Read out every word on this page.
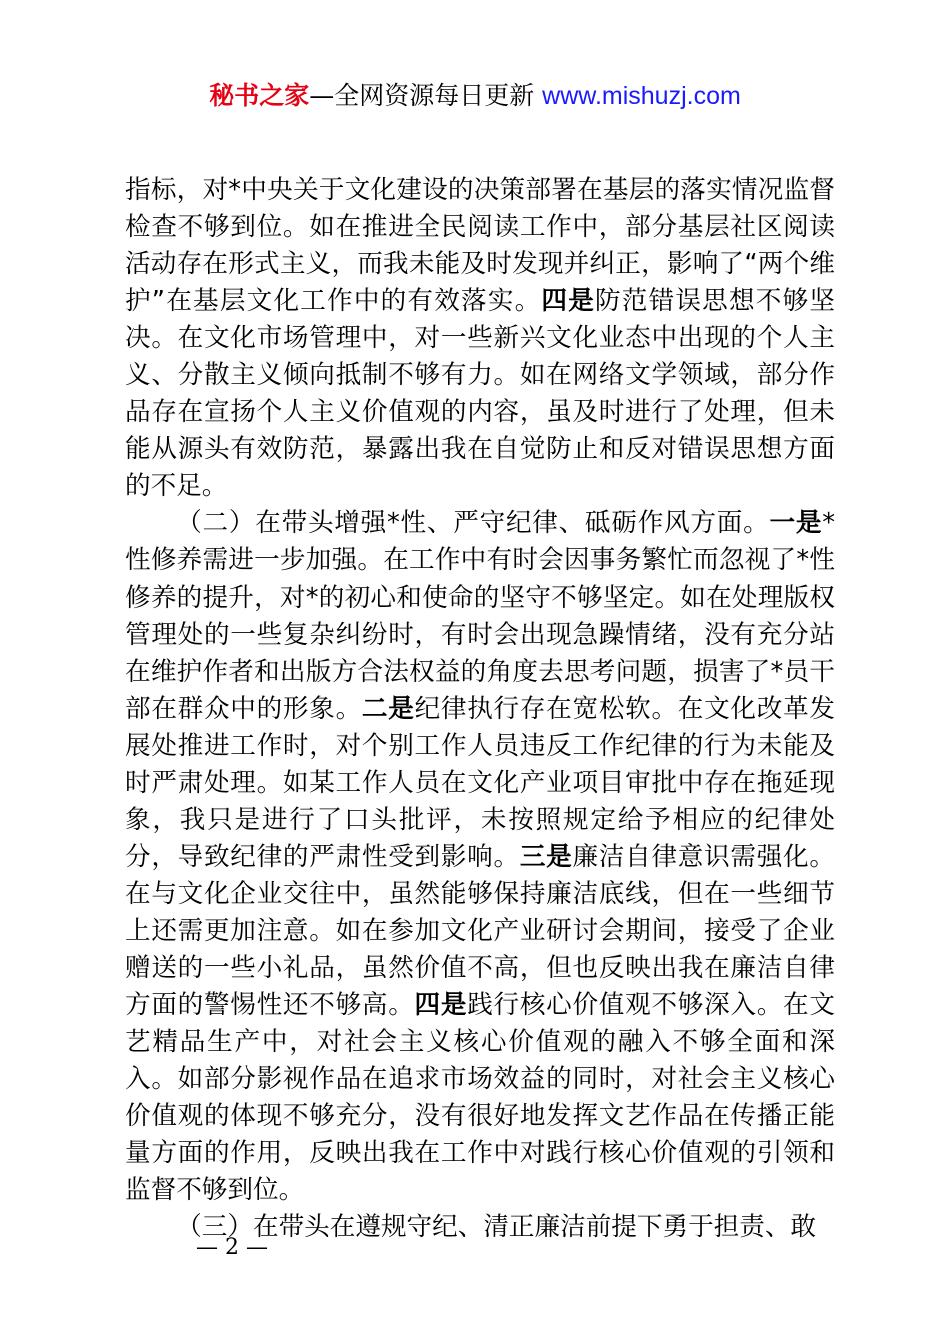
秘书之家—全网资源每日更新 www.mishuzj.com

指标，对*中央关于文化建设的决策部署在基层的落实情况监督检查不够到位。如在推进全民阅读工作中，部分基层社区阅读活动存在形式主义，而我未能及时发现并纠正，影响了“两个维护”在基层文化工作中的有效落实。四是防范错误思想不够坚决。在文化市场管理中，对一些新兴文化业态中出现的个人主义、分散主义倾向抵制不够有力。如在网络文学领域，部分作品存在宣扬个人主义价值观的内容，虽及时进行了处理，但未能从源头有效防范，暴露出我在自觉防止和反对错误思想方面的不足。

（二）在带头增强*性、严守纪律、砥砺作风方面。一是*性修养需进一步加强。在工作中有时会因事务繁忙而忽视了*性修养的提升，对*的初心和使命的坚守不够坚定。如在处理版权管理处的一些复杂纠纷时，有时会出现急躁情绪，没有充分站在维护作者和出版方合法权益的角度去思考问题，损害了*员干部在群众中的形象。二是纪律执行存在宽松软。在文化改革发展处推进工作时，对个别工作人员违反工作纪律的行为未能及时严肃处理。如某工作人员在文化产业项目审批中存在拖延现象，我只是进行了口头批评，未按照规定给予相应的纪律处分，导致纪律的严肃性受到影响。三是廉洁自律意识需强化。在与文化企业交往中，虽然能够保持廉洁底线，但在一些细节上还需更加注意。如在参加文化产业研讨会期间，接受了企业赠送的一些小礼品，虽然价值不高，但也反映出我在廉洁自律方面的警惕性还不够高。四是践行核心价值观不够深入。在文艺精品生产中，对社会主义核心价值观的融入不够全面和深入。如部分影视作品在追求市场效益的同时，对社会主义核心价值观的体现不够充分，没有很好地发挥文艺作品在传播正能量方面的作用，反映出我在工作中对践行核心价值观的引领和监督不够到位。

（三）在带头在遵规守纪、清正廉洁前提下勇于担责、敢

— 2 —
